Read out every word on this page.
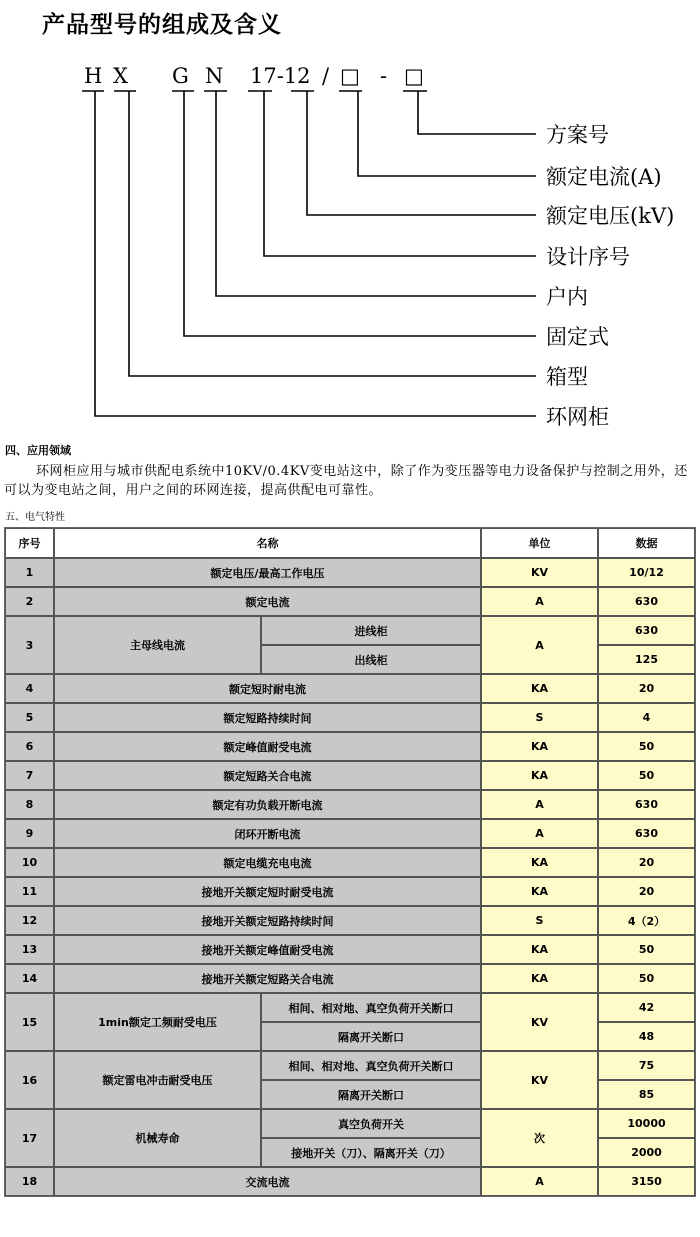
产品型号的组成及含义
H X G N 17-12 / □ - □
方案号
额定电流(A)
额定电压(kV)
设计序号
户内
固定式
箱型
环网柜
四、应用领域
环网柜应用与城市供配电系统中10KV/0.4KV变电站这中，除了作为变压器等电力设备保护与控制之用外，还可以为变电站之间，用户之间的环网连接，提高供配电可靠性。
五、电气特性
序号	名称		单位	数据
1	额定电压/最高工作电压		KV	10/12
2	额定电流		A	630
3	主母线电流	进线柜	A	630
		出线柜		125
4	额定短时耐电流		KA	20
5	额定短路持续时间		S	4
6	额定峰值耐受电流		KA	50
7	额定短路关合电流		KA	50
8	额定有功负载开断电流		A	630
9	闭环开断电流		A	630
10	额定电缆充电电流		KA	20
11	接地开关额定短时耐受电流		KA	20
12	接地开关额定短路持续时间		S	4（2）
13	接地开关额定峰值耐受电流		KA	50
14	接地开关额定短路关合电流		KA	50
15	1min额定工频耐受电压	相间、相对地、真空负荷开关断口	KV	42
		隔离开关断口		48
16	额定雷电冲击耐受电压	相间、相对地、真空负荷开关断口	KV	75
		隔离开关断口		85
17	机械寿命	真空负荷开关	次	10000
		接地开关（刀）、隔离开关（刀）		2000
18	交流电流		A	3150
